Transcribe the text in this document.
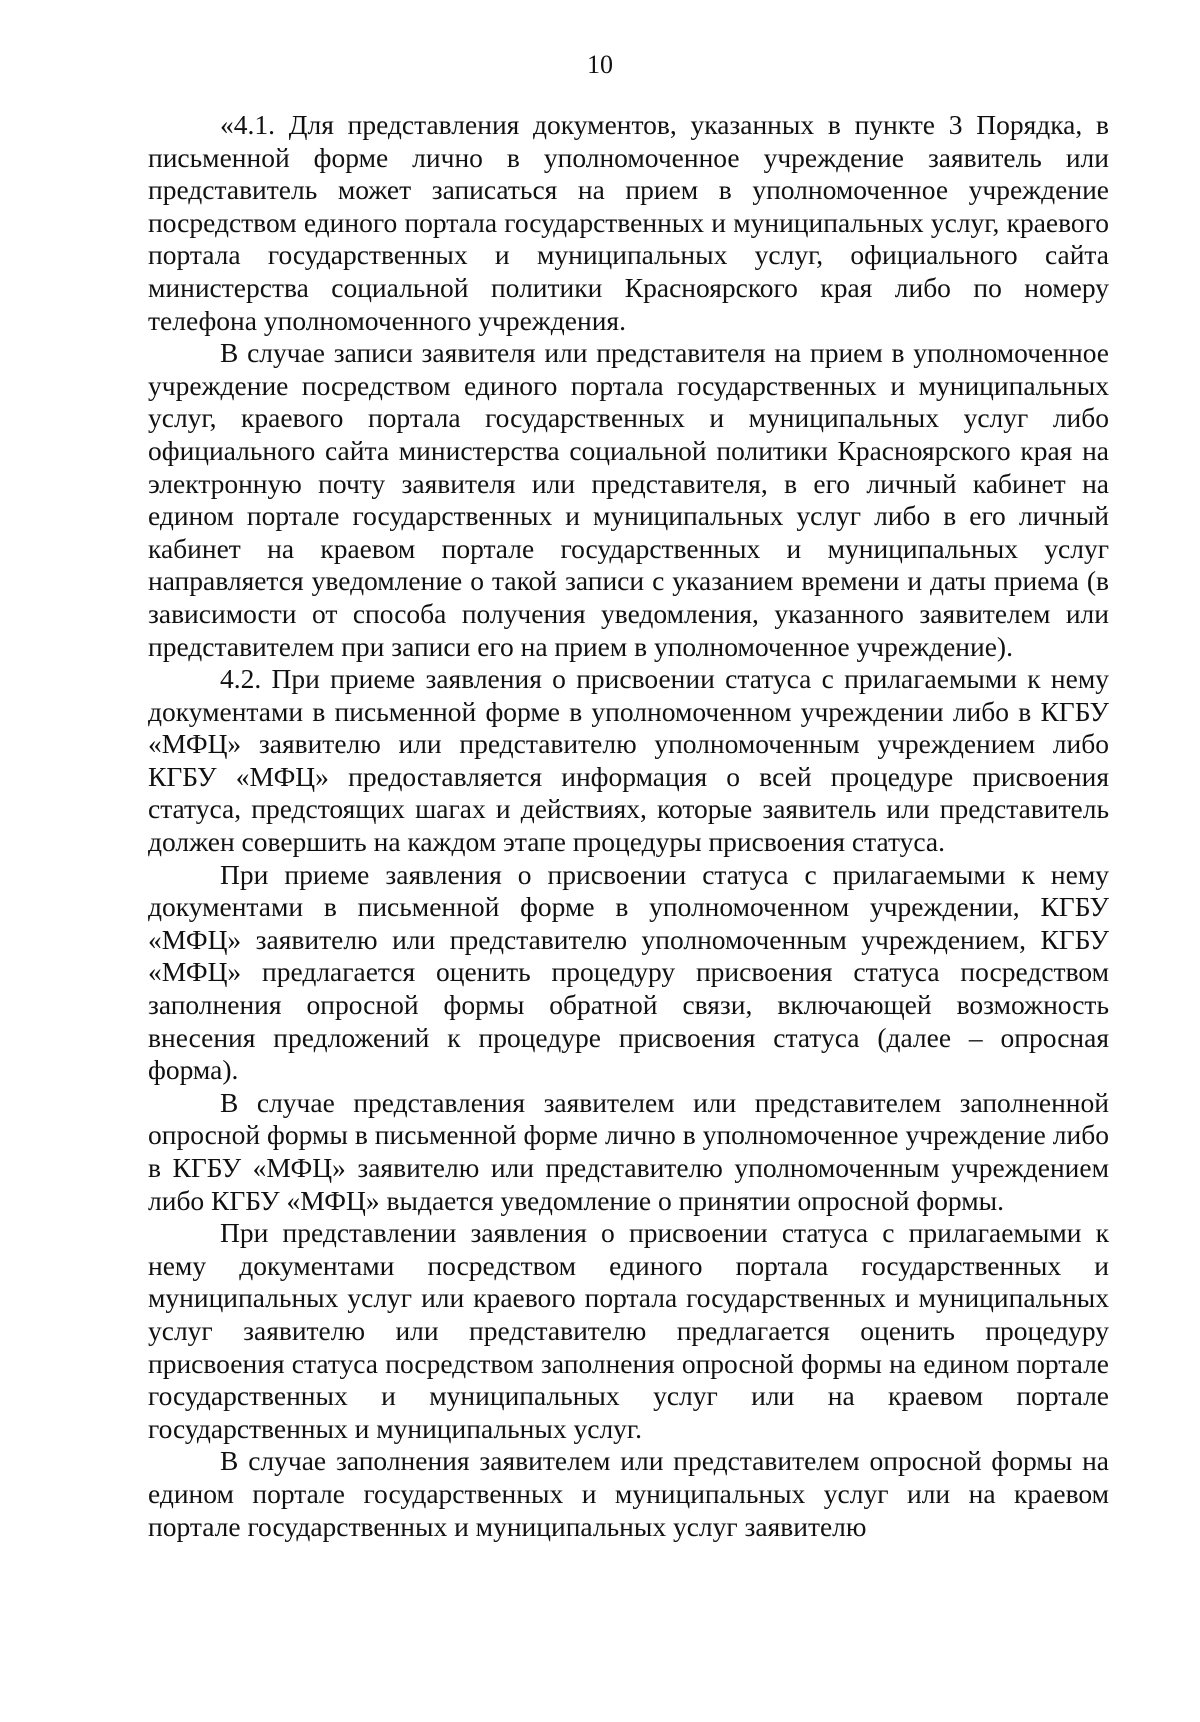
10

«4.1. Для представления документов, указанных в пункте 3 Порядка, в письменной форме лично в уполномоченное учреждение заявитель или представитель может записаться на прием в уполномоченное учреждение посредством единого портала государственных и муниципальных услуг, краевого портала государственных и муниципальных услуг, официального сайта министерства социальной политики Красноярского края либо по номеру телефона уполномоченного учреждения.

В случае записи заявителя или представителя на прием в уполномоченное учреждение посредством единого портала государственных и муниципальных услуг, краевого портала государственных и муниципальных услуг либо официального сайта министерства социальной политики Красноярского края на электронную почту заявителя или представителя, в его личный кабинет на едином портале государственных и муниципальных услуг либо в его личный кабинет на краевом портале государственных и муниципальных услуг направляется уведомление о такой записи с указанием времени и даты приема (в зависимости от способа получения уведомления, указанного заявителем или представителем при записи его на прием в уполномоченное учреждение).

4.2. При приеме заявления о присвоении статуса с прилагаемыми к нему документами в письменной форме в уполномоченном учреждении либо в КГБУ «МФЦ» заявителю или представителю уполномоченным учреждением либо КГБУ «МФЦ» предоставляется информация о всей процедуре присвоения статуса, предстоящих шагах и действиях, которые заявитель или представитель должен совершить на каждом этапе процедуры присвоения статуса.

При приеме заявления о присвоении статуса с прилагаемыми к нему документами в письменной форме в уполномоченном учреждении, КГБУ «МФЦ» заявителю или представителю уполномоченным учреждением, КГБУ «МФЦ» предлагается оценить процедуру присвоения статуса посредством заполнения опросной формы обратной связи, включающей возможность внесения предложений к процедуре присвоения статуса (далее – опросная форма).

В случае представления заявителем или представителем заполненной опросной формы в письменной форме лично в уполномоченное учреждение либо в КГБУ «МФЦ» заявителю или представителю уполномоченным учреждением либо КГБУ «МФЦ» выдается уведомление о принятии опросной формы.

При представлении заявления о присвоении статуса с прилагаемыми к нему документами посредством единого портала государственных и муниципальных услуг или краевого портала государственных и муниципальных услуг заявителю или представителю предлагается оценить процедуру присвоения статуса посредством заполнения опросной формы на едином портале государственных и муниципальных услуг или на краевом портале государственных и муниципальных услуг.

В случае заполнения заявителем или представителем опросной формы на едином портале государственных и муниципальных услуг или на краевом портале государственных и муниципальных услуг заявителю
